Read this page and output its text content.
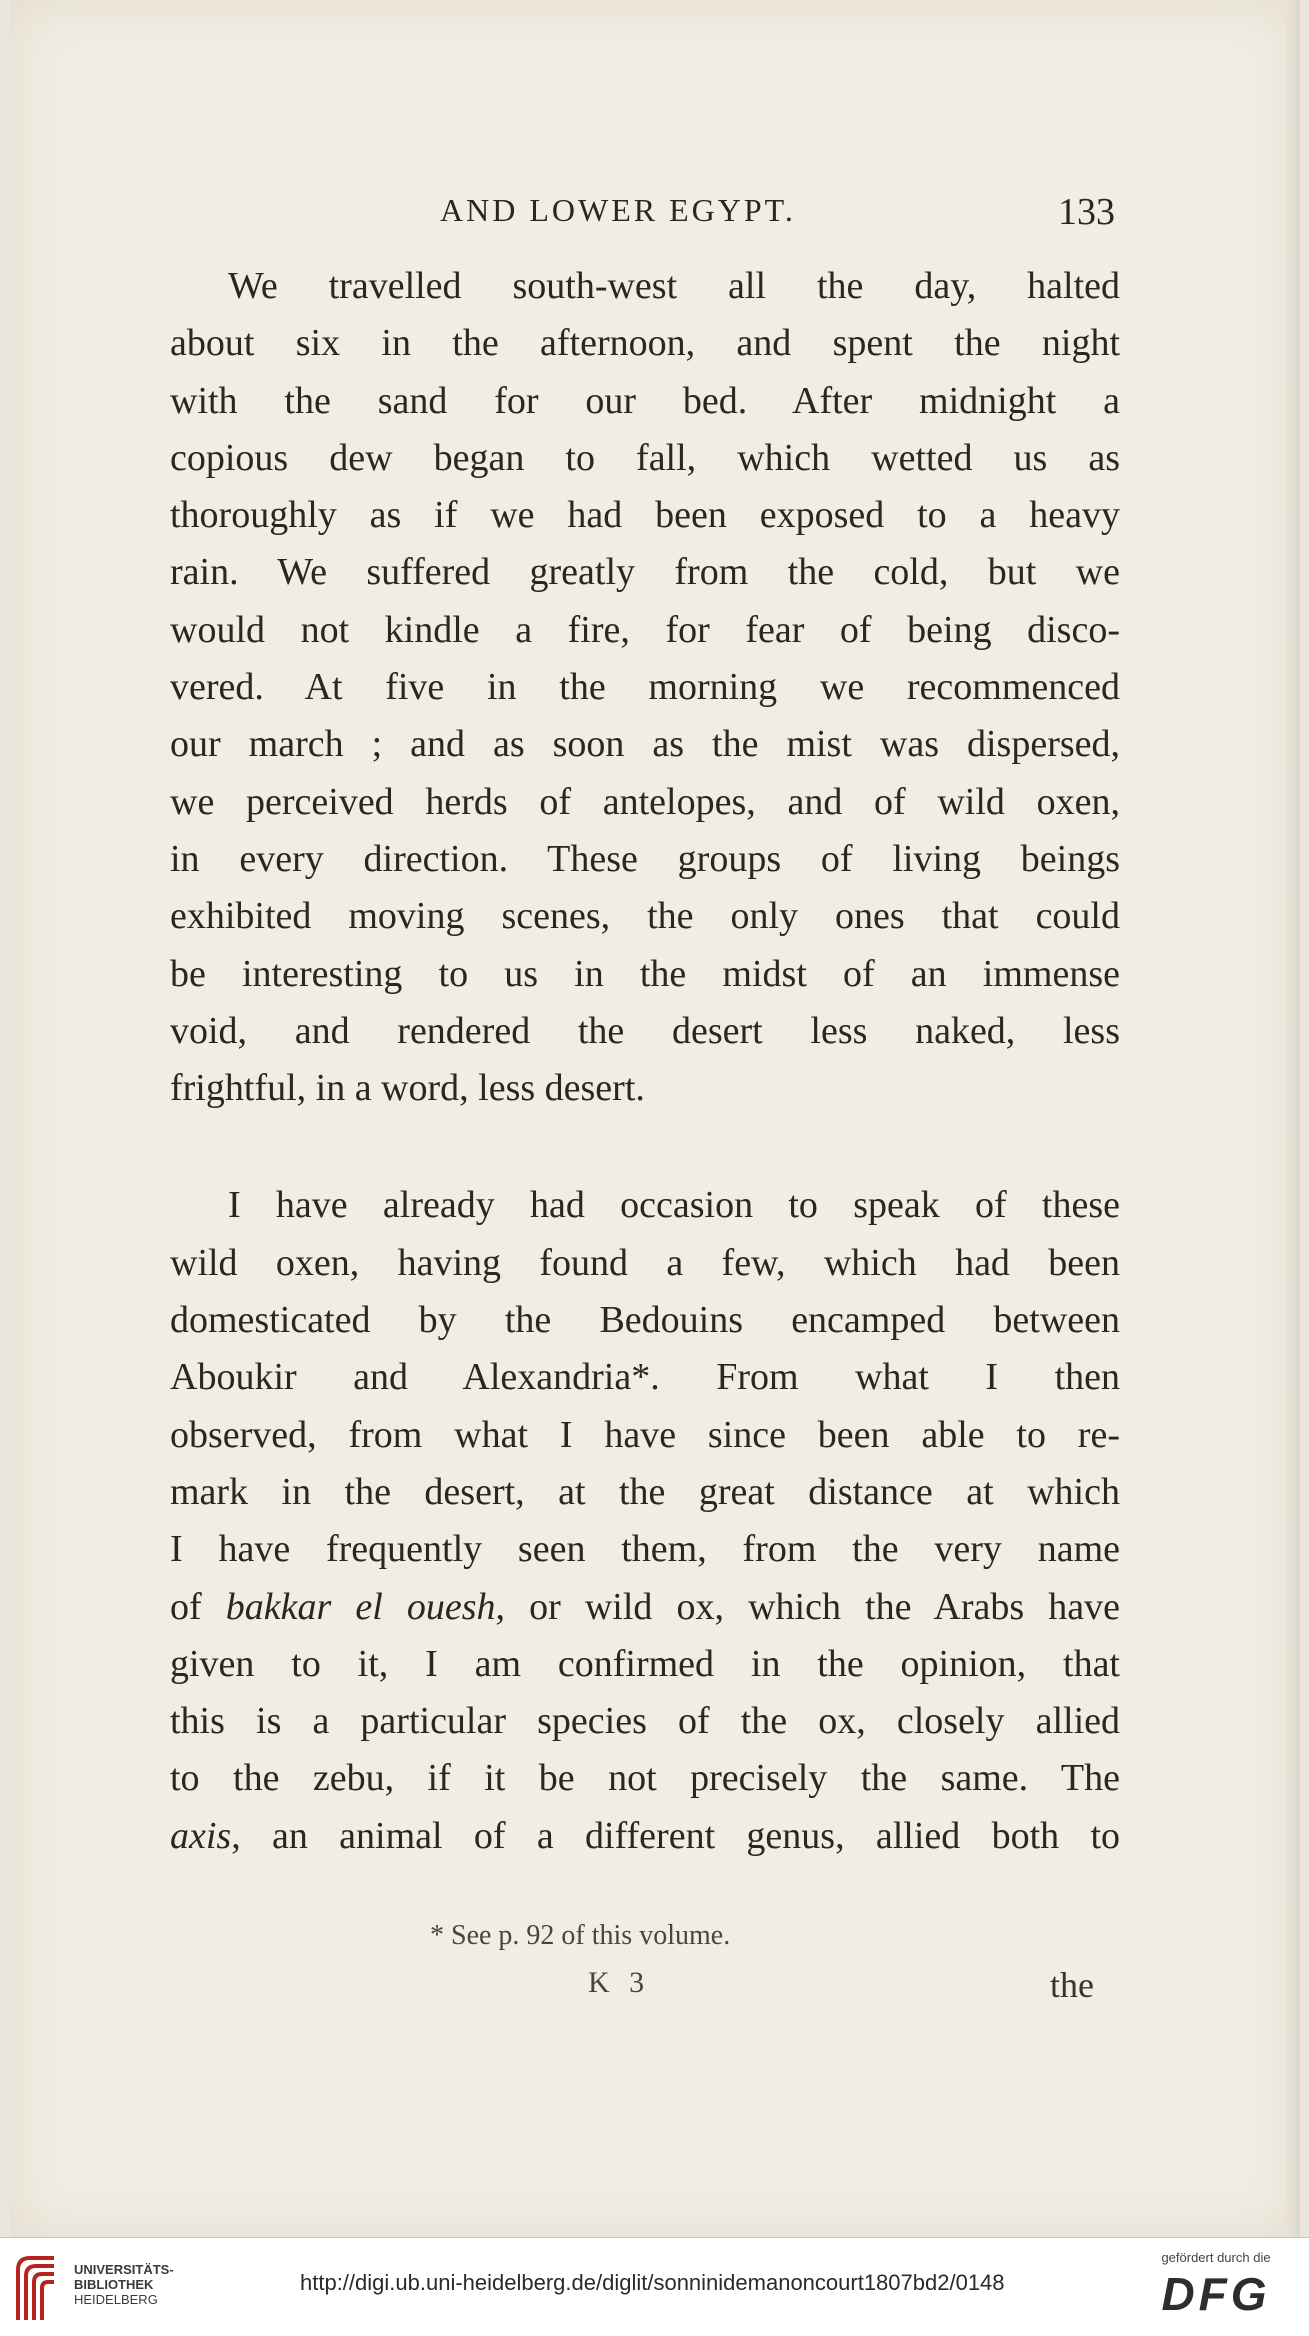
AND LOWER EGYPT.	133
We travelled south-west all the day, halted
about six in the afternoon, and spent the night
with the sand for our bed. After midnight a
copious dew began to fall, which wetted us as
thoroughly as if we had been exposed to a heavy
rain. We suffered greatly from the cold, but we
would not kindle a fire, for fear of being disco-
vered. At five in the morning we recommenced
our march ; and as soon as the mist was dispersed,
we perceived herds of antelopes, and of wild oxen,
in every direction. These groups of living beings
exhibited moving scenes, the only ones that could
be interesting to us in the midst of an immense
void, and rendered the desert less naked, less
frightful, in a word, less desert.
I have already had occasion to speak of these
wild oxen, having found a few, which had been
domesticated by the Bedouins encamped between
Aboukir and Alexandria*. From what I then
observed, from what I have since been able to re-
mark in the desert, at the great distance at which
I have frequently seen them, from the very name
of bakkar el ouesh, or wild ox, which the Arabs have
given to it, I am confirmed in the opinion, that
this is a particular species of the ox, closely allied
to the zebu, if it be not precisely the same. The
axis, an animal of a different genus, allied both to
* See p. 92 of this volume.
K 3	the
UNIVERSITÄTS-
BIBLIOTHEK
HEIDELBERG
http://digi.ub.uni-heidelberg.de/diglit/sonninidemanoncourt1807bd2/0148
gefördert durch die
DFG
